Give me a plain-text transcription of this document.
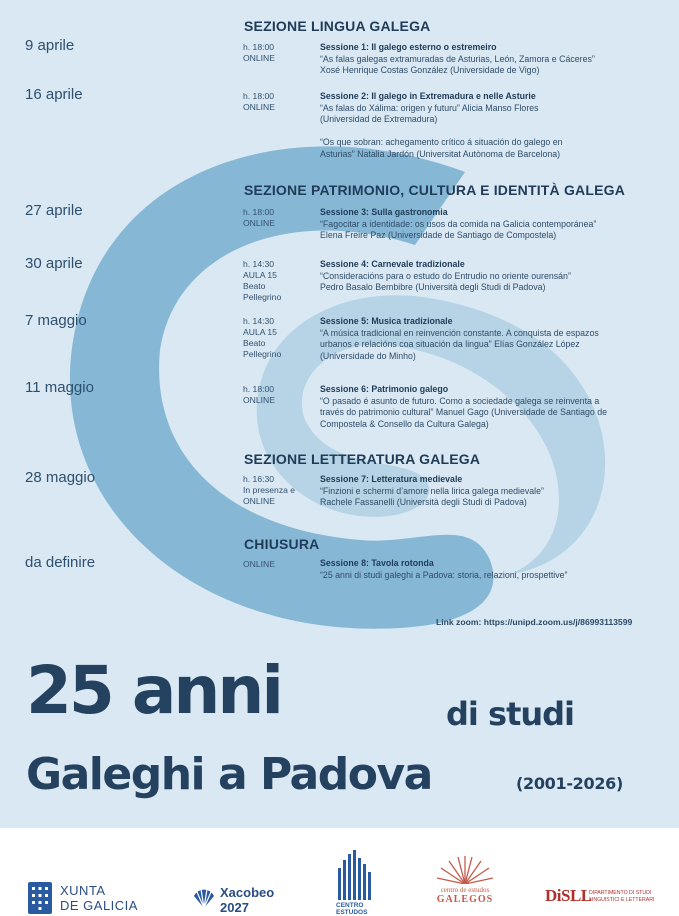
SEZIONE LINGUA GALEGA
SEZIONE PATRIMONIO, CULTURA E IDENTITÀ GALEGA
SEZIONE LETTERATURA GALEGA
CHIUSURA
9 aprile	h. 18:00
ONLINE
Sessione 1: Il galego esterno o estremeiro
“As falas galegas extramuradas de Asturias, León, Zamora e Cáceres”
Xosé Henrique Costas González (Universidade de Vigo)
16 aprile	h. 18:00
ONLINE
Sessione 2: Il galego in Extremadura e nelle Asturie
“As falas do Xálima: origen y futuru” Alicia Manso Flores
(Universidad de Extremadura)
“Os que sobran: achegamento crítico á situación do galego en
Asturias” Natalia Jardón (Universitat Autònoma de Barcelona)
27 aprile	h. 18:00
ONLINE
Sessione 3: Sulla gastronomia
“Fagocitar a identidade: os usos da comida na Galicia contemporánea”
Elena Freire Paz (Universidade de Santiago de Compostela)
30 aprile	h. 14:30
AULA 15
Beato
Pellegrino
Sessione 4: Carnevale tradizionale
“Consideracións para o estudo do Entrudio no oriente ourensán”
Pedro Basalo Bembibre (Università degli Studi di Padova)
7 maggio	h. 14:30
AULA 15
Beato
Pellegrino
Sessione 5: Musica tradizionale
“A música tradicional en reinvención constante. A conquista de espazos
urbanos e relacións coa situación da lingua” Elías González López
(Universidade do Minho)
11 maggio	h. 18:00
ONLINE
Sessione 6: Patrimonio galego
“O pasado é asunto de futuro. Como a sociedade galega se reinventa a
través do patrimonio cultural” Manuel Gago (Universidade de Santiago de
Compostela & Consello da Cultura Galega)
28 maggio	h. 16:30
In presenza e
ONLINE
Sessione 7: Letteratura medievale
“Finzioni e schermi d’amore nella lirica galega medievale”
Rachele Fassanelli (Università degli Studi di Padova)
da definire	ONLINE	Sessione 8: Tavola rotonda
“25 anni di studi galeghi a Padova: storia, relazioni, prospettive”
Link zoom: https://unipd.zoom.us/j/86993113599
25 anni	di studi
Galeghi a Padova	(2001-2026)
XUNTA
DE GALICIA
Xacobeo
2027	CENTRO ESTUDOS
centro de estudos
GALEGOS	DiSLL
DIPARTIMENTO DI STUDI
LINGUISTICI E LETTERARI
